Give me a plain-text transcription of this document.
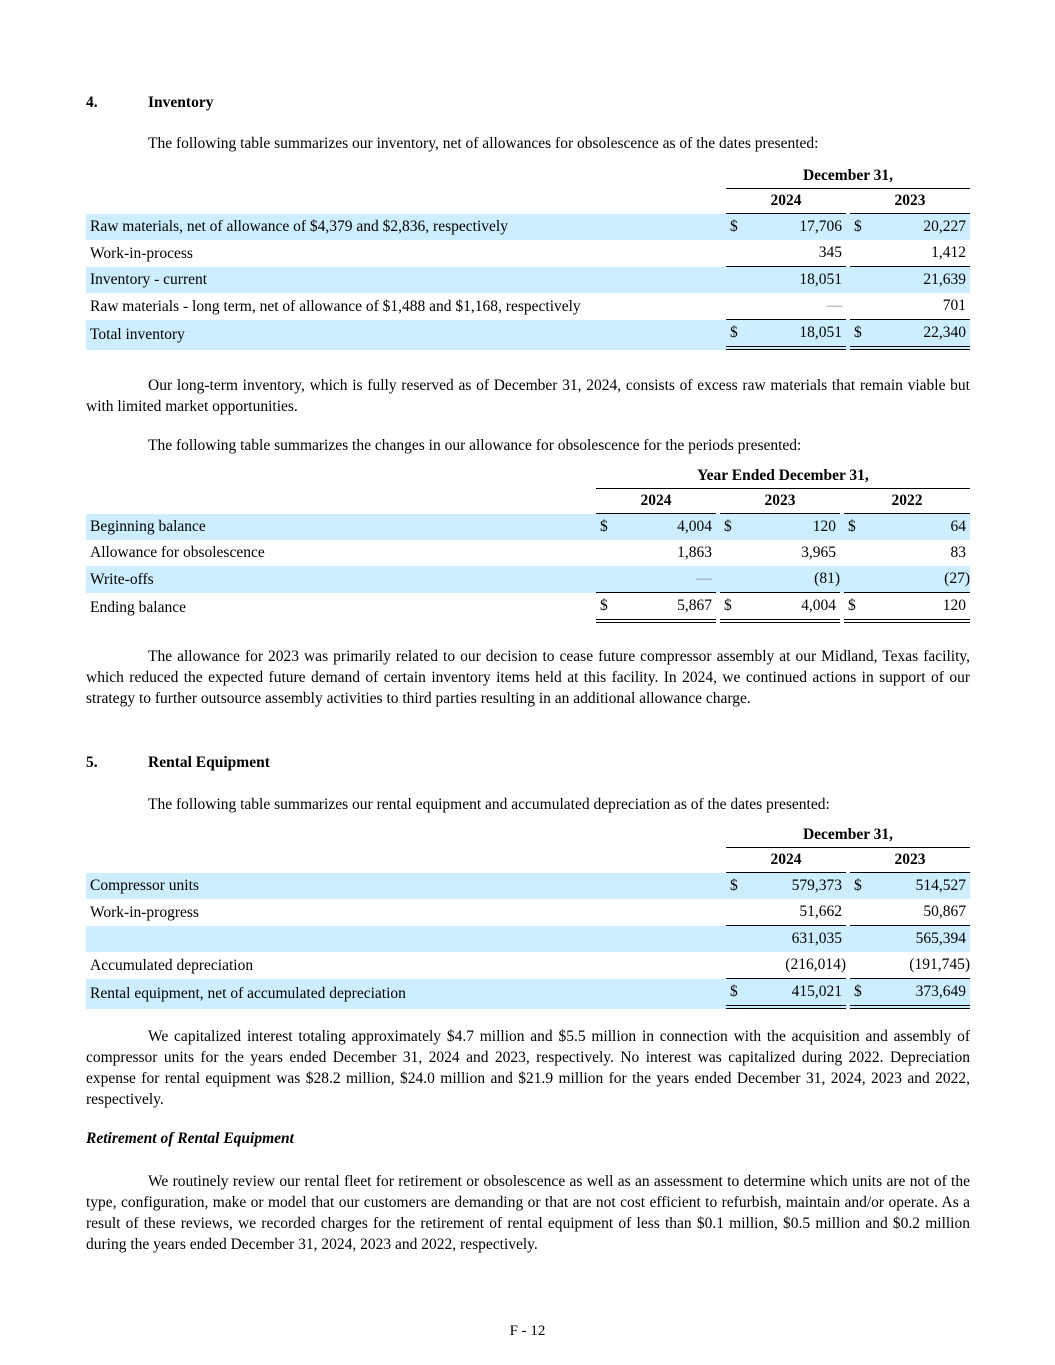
4.	Inventory
The following table summarizes our inventory, net of allowances for obsolescence as of the dates presented:
		December 31,				
		2024			2023	
Raw materials, net of allowance of $4,379 and $2,836, respectively		$	17,706		$	20,227
Work-in-process			345			1,412
Inventory - current			18,051			21,639
Raw materials - long term, net of allowance of $1,488 and $1,168, respectively			—			701
Total inventory		$	18,051		$	22,340
Our long-term inventory, which is fully reserved as of December 31, 2024, consists of excess raw materials that remain viable but with limited market opportunities.
The following table summarizes the changes in our allowance for obsolescence for the periods presented:
		Year Ended December 31,							
		2024			2023			2022	
Beginning balance		$	4,004		$	120		$	64
Allowance for obsolescence			1,863			3,965			83
Write-offs			—			(81)			(27)
Ending balance		$	5,867		$	4,004		$	120
The allowance for 2023 was primarily related to our decision to cease future compressor assembly at our Midland, Texas facility, which reduced the expected future demand of certain inventory items held at this facility. In 2024, we continued actions in support of our strategy to further outsource assembly activities to third parties resulting in an additional allowance charge.
5.	Rental Equipment
The following table summarizes our rental equipment and accumulated depreciation as of the dates presented:
		December 31,				
		2024			2023	
Compressor units		$	579,373		$	514,527
Work-in-progress			51,662			50,867
			631,035			565,394
Accumulated depreciation			(216,014)			(191,745)
Rental equipment, net of accumulated depreciation		$	415,021		$	373,649
We capitalized interest totaling approximately $4.7 million and $5.5 million in connection with the acquisition and assembly of compressor units for the years ended December 31, 2024 and 2023, respectively. No interest was capitalized during 2022. Depreciation expense for rental equipment was $28.2 million, $24.0 million and $21.9 million for the years ended December 31, 2024, 2023 and 2022, respectively.
Retirement of Rental Equipment
We routinely review our rental fleet for retirement or obsolescence as well as an assessment to determine which units are not of the type, configuration, make or model that our customers are demanding or that are not cost efficient to refurbish, maintain and/or operate. As a result of these reviews, we recorded charges for the retirement of rental equipment of less than $0.1 million, $0.5 million and $0.2 million during the years ended December 31, 2024, 2023 and 2022, respectively.
F - 12
